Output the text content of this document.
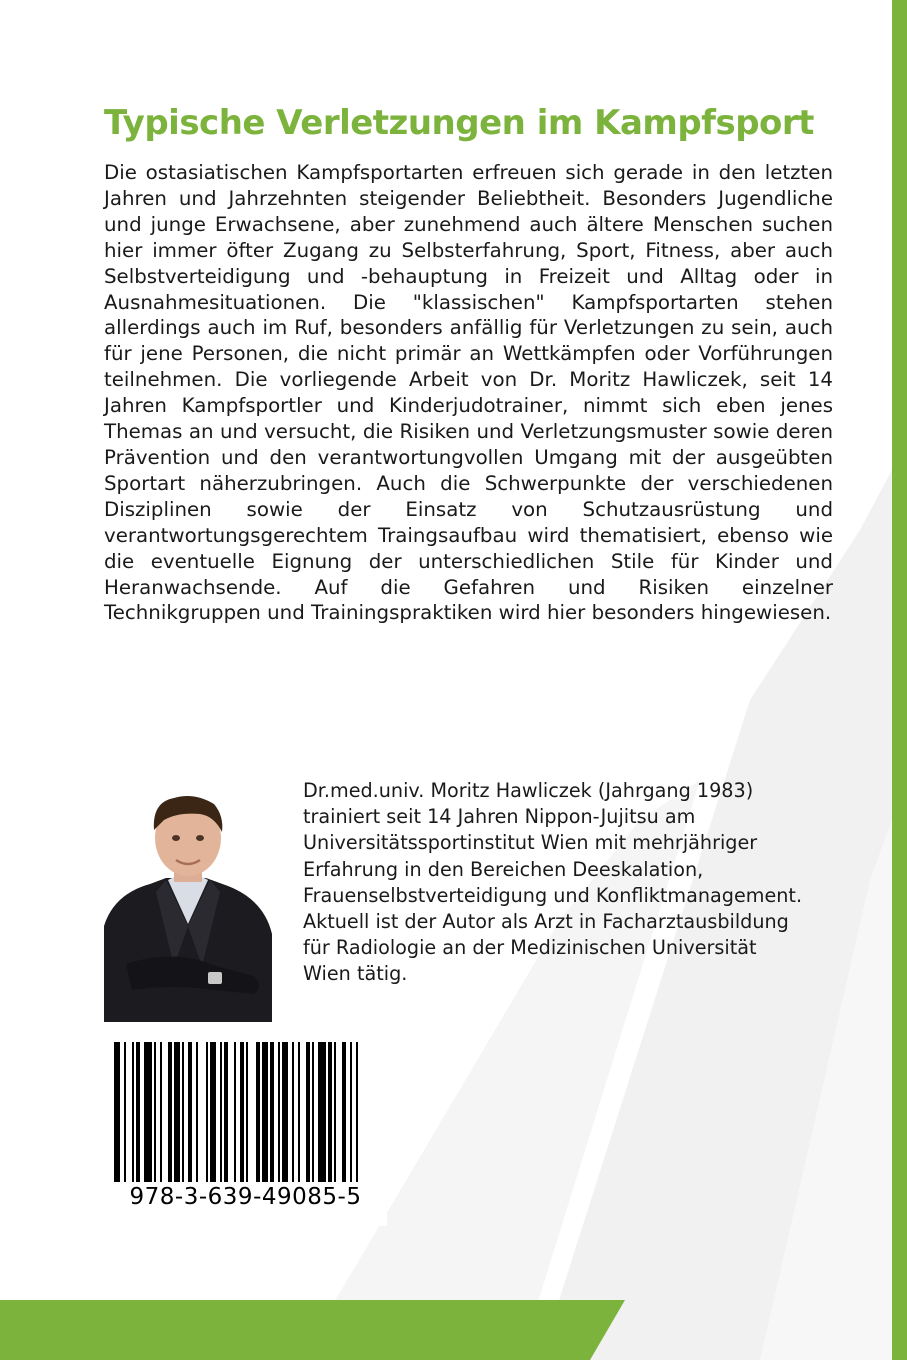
Typische Verletzungen im Kampfsport

Die ostasiatischen Kampfsportarten erfreuen sich gerade in den letzten Jahren und Jahrzehnten steigender Beliebtheit. Besonders Jugendliche und junge Erwachsene, aber zunehmend auch ältere Menschen suchen hier immer öfter Zugang zu Selbsterfahrung, Sport, Fitness, aber auch Selbstverteidigung und -behauptung in Freizeit und Alltag oder in Ausnahmesituationen. Die "klassischen" Kampfsportarten stehen allerdings auch im Ruf, besonders anfällig für Verletzungen zu sein, auch für jene Personen, die nicht primär an Wettkämpfen oder Vorführungen teilnehmen. Die vorliegende Arbeit von Dr. Moritz Hawliczek, seit 14 Jahren Kampfsportler und Kinderjudotrainer, nimmt sich eben jenes Themas an und versucht, die Risiken und Verletzungsmuster sowie deren Prävention und den verantwortungvollen Umgang mit der ausgeübten Sportart näherzubringen. Auch die Schwerpunkte der verschiedenen Disziplinen sowie der Einsatz von Schutzausrüstung und verantwortungsgerechtem Traingsaufbau wird thematisiert, ebenso wie die eventuelle Eignung der unterschiedlichen Stile für Kinder und Heranwachsende. Auf die Gefahren und Risiken einzelner Technikgruppen und Trainingspraktiken wird hier besonders hingewiesen.

Dr.med.univ. Moritz Hawliczek (Jahrgang 1983)
trainiert seit 14 Jahren Nippon-Jujitsu am
Universitätssportinstitut Wien mit mehrjähriger
Erfahrung in den Bereichen Deeskalation,
Frauenselbstverteidigung und Konfliktmanagement.
Aktuell ist der Autor als Arzt in Facharztausbildung
für Radiologie an der Medizinischen Universität
Wien tätig.
978-3-639-49085-5
